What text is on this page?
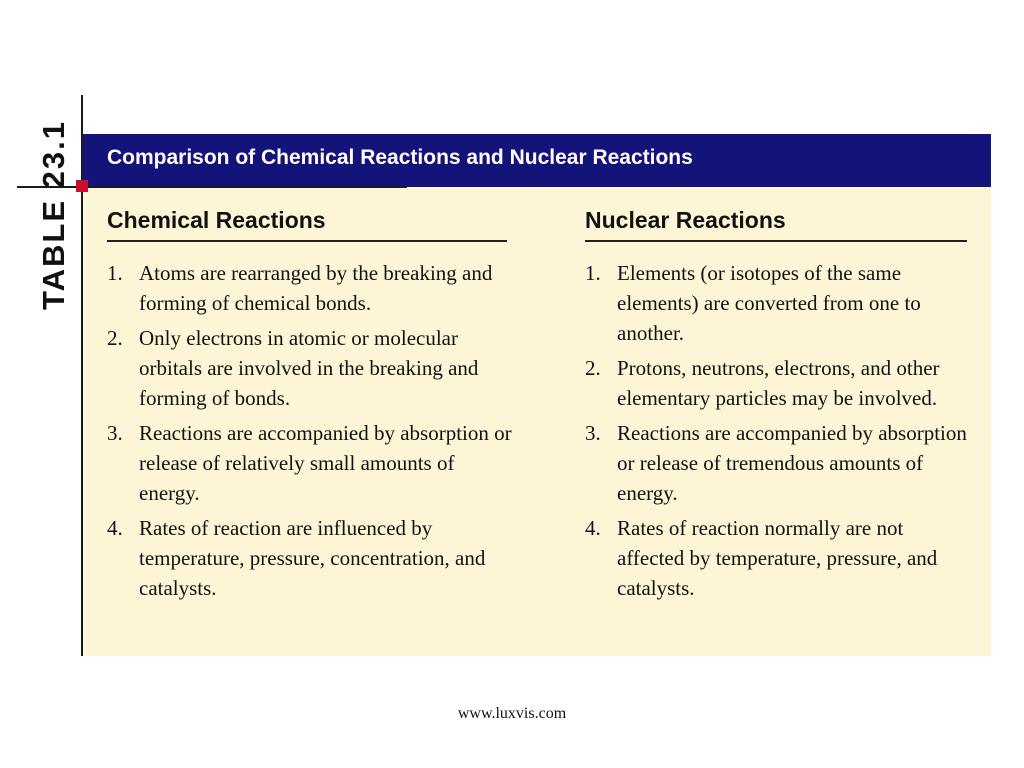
Comparison of Chemical Reactions and Nuclear Reactions
TABLE 23.1 Chemical Reactions
1. Atoms are rearranged by the breaking and forming of chemical bonds.
2. Only electrons in atomic or molecular orbitals are involved in the breaking and forming of bonds.
3. Reactions are accompanied by absorption or release of relatively small amounts of energy.
4. Rates of reaction are influenced by temperature, pressure, concentration, and catalysts.
Nuclear Reactions
1. Elements (or isotopes of the same elements) are converted from one to another.
2. Protons, neutrons, electrons, and other elementary particles may be involved.
3. Reactions are accompanied by absorption or release of tremendous amounts of energy.
4. Rates of reaction normally are not affected by temperature, pressure, and catalysts.
www.luxvis.com
